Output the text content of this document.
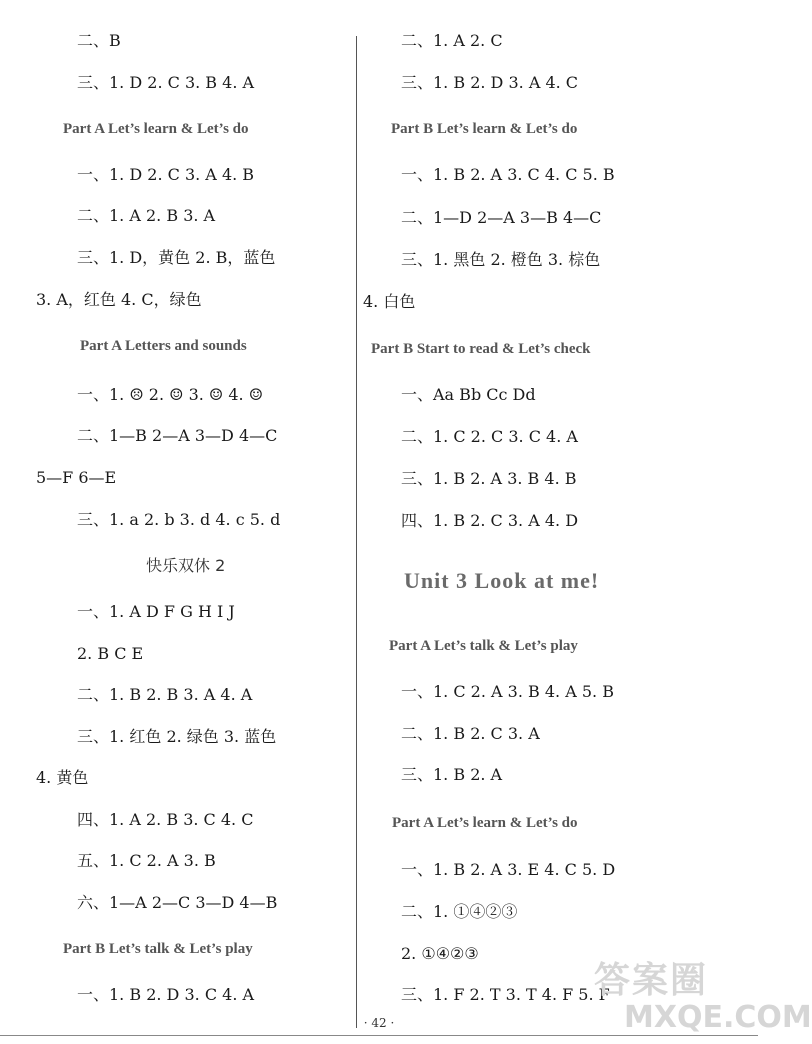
二、B
三、1. D 2. C 3. B 4. A
Part A Let’s learn & Let’s do
一、1. D 2. C 3. A 4. B
二、1. A 2. B 3. A
三、1. D，黄色 2. B，蓝色
3. A，红色 4. C，绿色
Part A Letters and sounds
一、1. ☹ 2. ☺ 3. ☺ 4. ☺
二、1—B 2—A 3—D 4—C
5—F 6—E
三、1. a 2. b 3. d 4. c 5. d
快乐双休 2
一、1. A D F G H I J
2. B C E
二、1. B 2. B 3. A 4. A
三、1. 红色 2. 绿色 3. 蓝色
4. 黄色
四、1. A 2. B 3. C 4. C
五、1. C 2. A 3. B
六、1—A 2—C 3—D 4—B
Part B Let’s talk & Let’s play
一、1. B 2. D 3. C 4. A
二、1. A 2. C
三、1. B 2. D 3. A 4. C
Part B Let’s learn & Let’s do
一、1. B 2. A 3. C 4. C 5. B
二、1—D 2—A 3—B 4—C
三、1. 黑色 2. 橙色 3. 棕色
4. 白色
Part B Start to read & Let’s check
一、Aa Bb Cc Dd
二、1. C 2. C 3. C 4. A
三、1. B 2. A 3. B 4. B
四、1. B 2. C 3. A 4. D
Unit 3 Look at me!
Part A Let’s talk & Let’s play
一、1. C 2. A 3. B 4. A 5. B
二、1. B 2. C 3. A
三、1. B 2. A
Part A Let’s learn & Let’s do
一、1. B 2. A 3. E 4. C 5. D
二、1. ①④②③
2. ①④②③
三、1. F 2. T 3. T 4. F 5. F
· 42 ·
答案圈
MXQE.COM
